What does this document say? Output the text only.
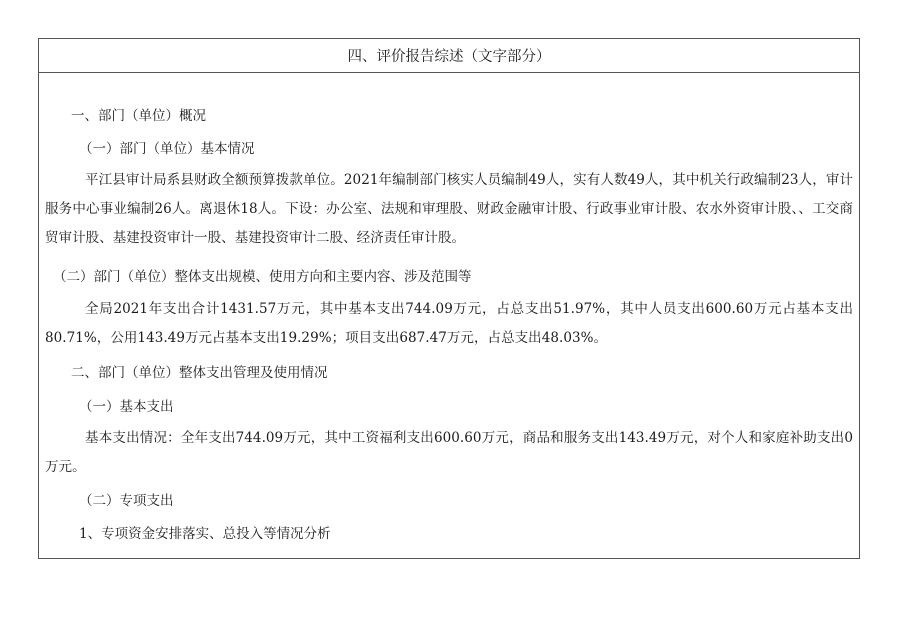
四、评价报告综述（文字部分）
一、部门（单位）概况
（一）部门（单位）基本情况
平江县审计局系县财政全额预算拨款单位。2021年编制部门核实人员编制49人，实有人数49人，其中机关行政编制23人，审计服务中心事业编制26人。离退休18人。下设：办公室、法规和审理股、财政金融审计股、行政事业审计股、农水外资审计股、、工交商贸审计股、基建投资审计一股、基建投资审计二股、经济责任审计股。
（二）部门（单位）整体支出规模、使用方向和主要内容、涉及范围等
全局2021年支出合计1431.57万元，其中基本支出744.09万元，占总支出51.97%，其中人员支出600.60万元占基本支出80.71%，公用143.49万元占基本支出19.29%；项目支出687.47万元，占总支出48.03%。
二、部门（单位）整体支出管理及使用情况
（一）基本支出
基本支出情况：全年支出744.09万元，其中工资福利支出600.60万元，商品和服务支出143.49万元，对个人和家庭补助支出0万元。
（二）专项支出
1、专项资金安排落实、总投入等情况分析
